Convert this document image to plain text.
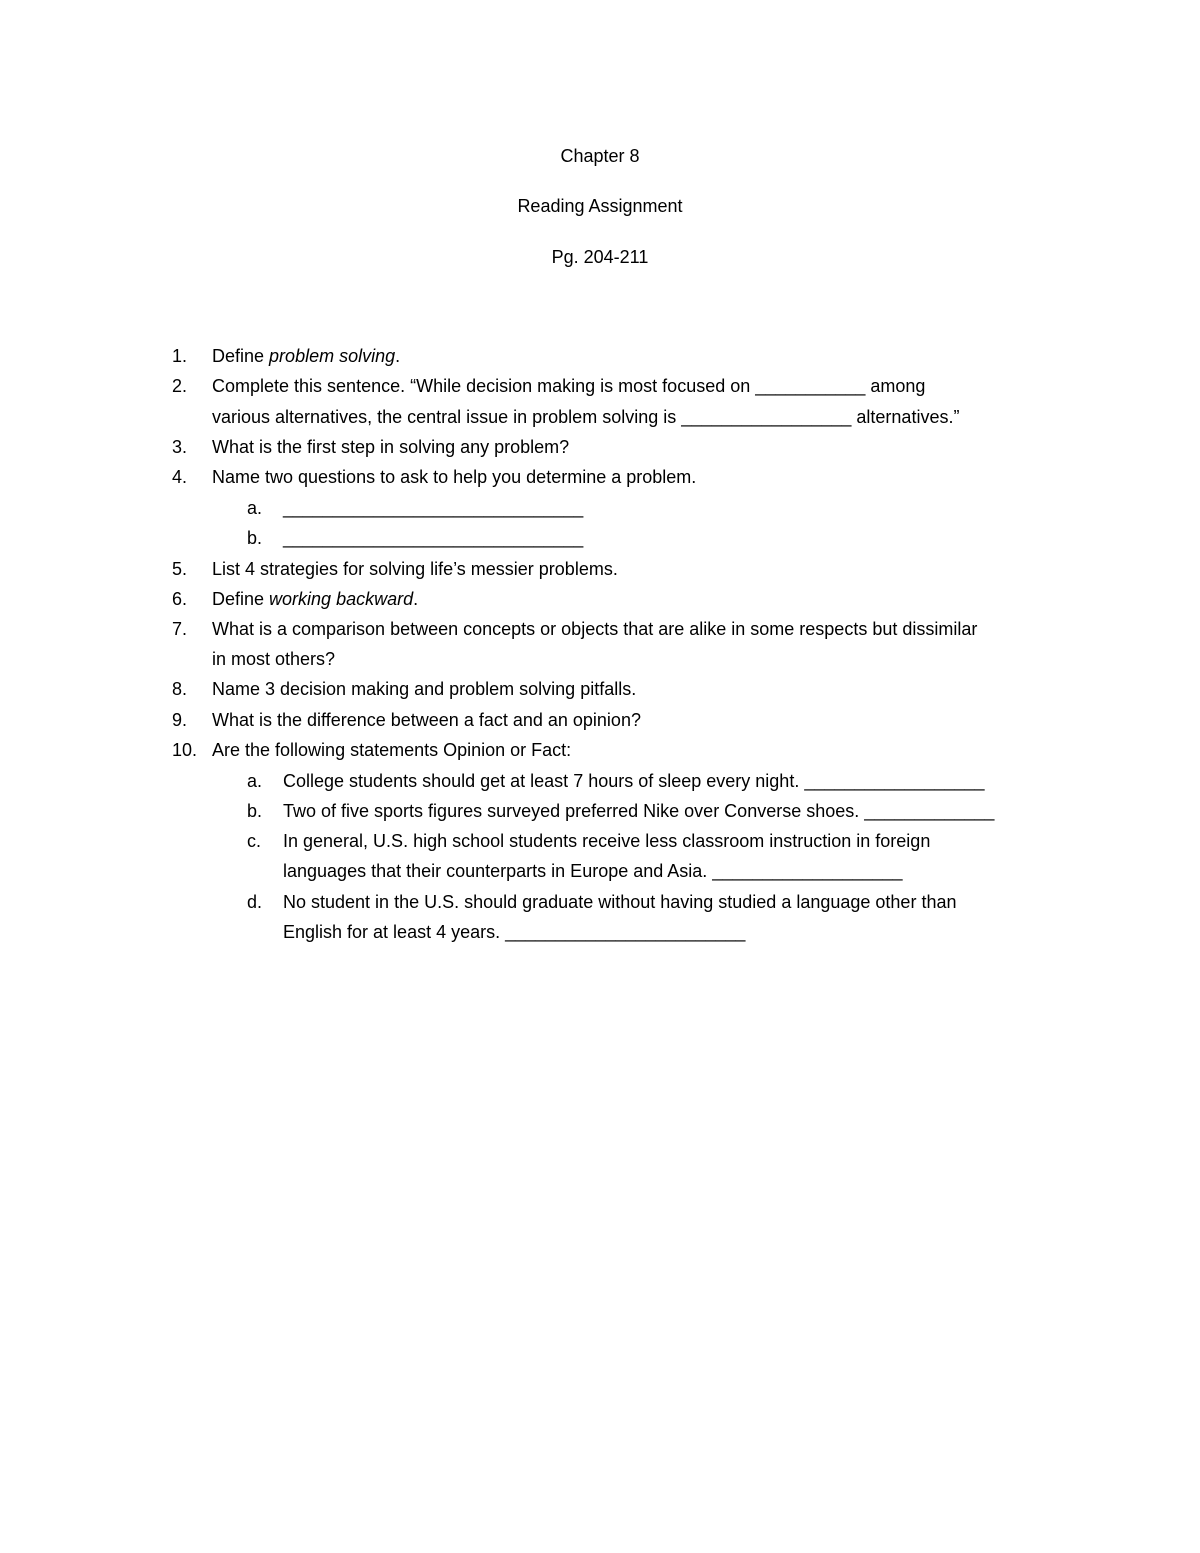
Chapter 8
Reading Assignment
Pg. 204-211
1. Define problem solving.
2. Complete this sentence. “While decision making is most focused on ___________ among
various alternatives, the central issue in problem solving is _________________ alternatives.”
3. What is the first step in solving any problem?
4. Name two questions to ask to help you determine a problem.
a. ______________________________
b. ______________________________
5. List 4 strategies for solving life’s messier problems.
6. Define working backward.
7. What is a comparison between concepts or objects that are alike in some respects but dissimilar
in most others?
8. Name 3 decision making and problem solving pitfalls.
9. What is the difference between a fact and an opinion?
10. Are the following statements Opinion or Fact:
a. College students should get at least 7 hours of sleep every night. __________________
b. Two of five sports figures surveyed preferred Nike over Converse shoes. _____________
c. In general, U.S. high school students receive less classroom instruction in foreign
languages that their counterparts in Europe and Asia. ___________________
d. No student in the U.S. should graduate without having studied a language other than
English for at least 4 years. ________________________
